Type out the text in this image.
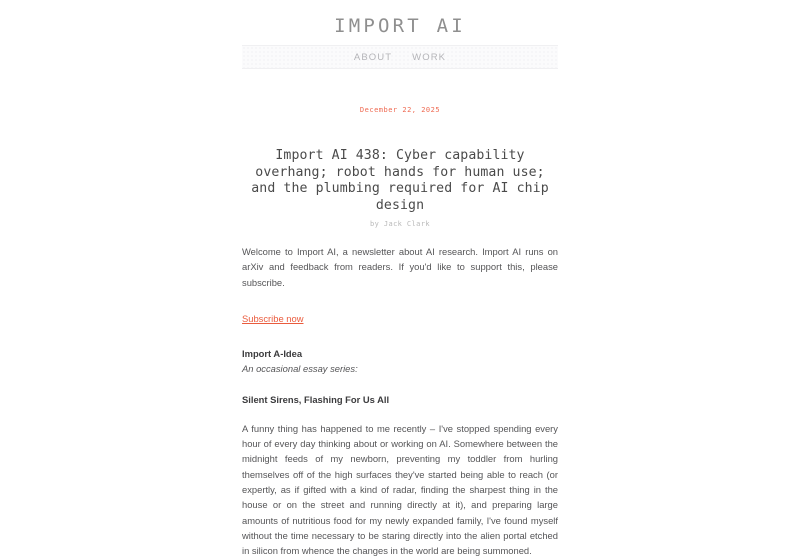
IMPORT AI
ABOUT	WORK
December 22, 2025
Import AI 438: Cyber capability overhang; robot hands for human use; and the plumbing required for AI chip design
by Jack Clark

Welcome to Import AI, a newsletter about AI research. Import AI runs on arXiv and feedback from readers. If you'd like to support this, please subscribe.

Subscribe now

Import A-Idea

An occasional essay series:

Silent Sirens, Flashing For Us All

A funny thing has happened to me recently – I've stopped spending every hour of every day thinking about or working on AI. Somewhere between the midnight feeds of my newborn, preventing my toddler from hurling themselves off of the high surfaces they've started being able to reach (or expertly, as if gifted with a kind of radar, finding the sharpest thing in the house or on the street and running directly at it), and preparing large amounts of nutritious food for my newly expanded family, I've found myself without the time necessary to be staring directly into the alien portal etched in silicon from whence the changes in the world are being summoned.
